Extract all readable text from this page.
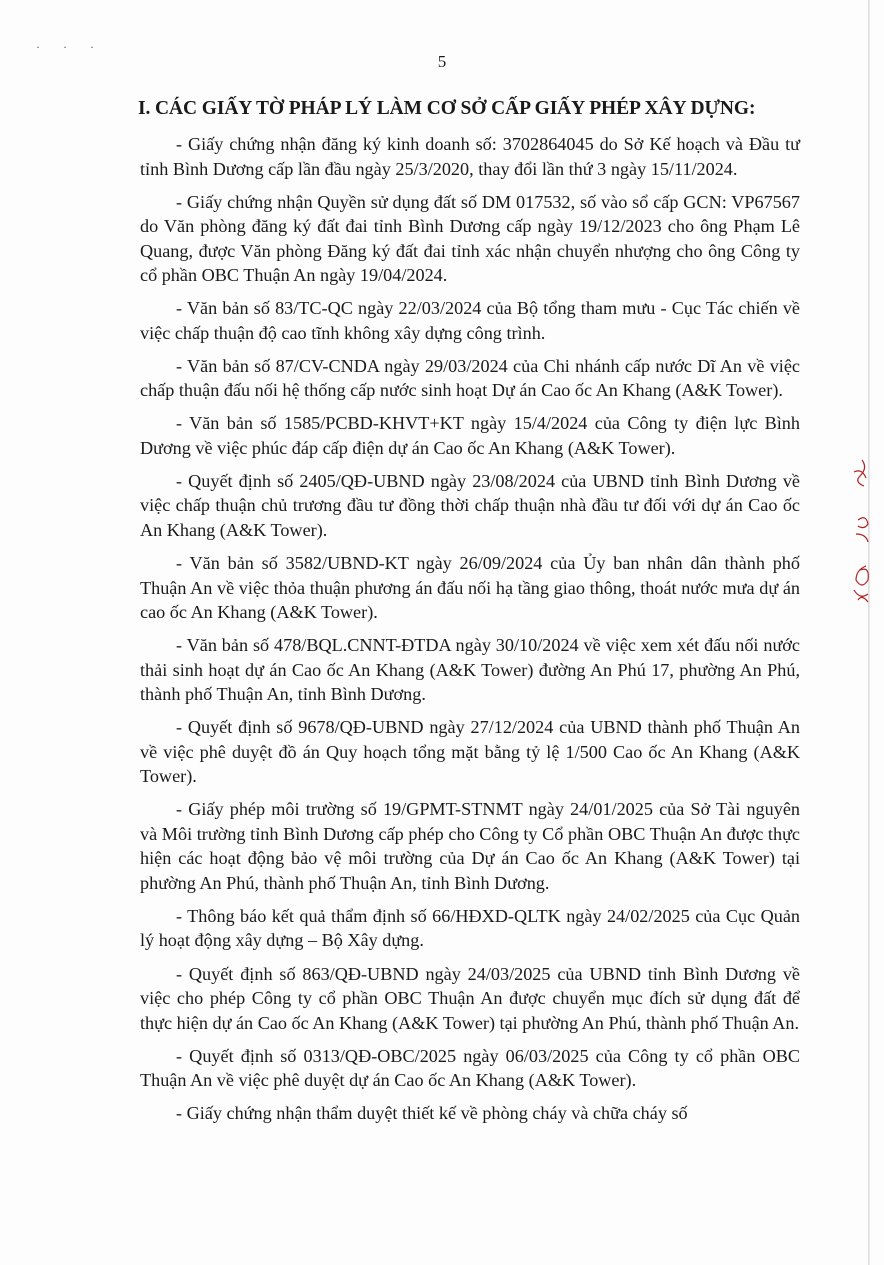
· · ·
5
I. CÁC GIẤY TỜ PHÁP LÝ LÀM CƠ SỞ CẤP GIẤY PHÉP XÂY DỰNG:

- Giấy chứng nhận đăng ký kinh doanh số: 3702864045 do Sở Kế hoạch và Đầu tư tỉnh Bình Dương cấp lần đầu ngày 25/3/2020, thay đổi lần thứ 3 ngày 15/11/2024.

- Giấy chứng nhận Quyền sử dụng đất số DM 017532, số vào sổ cấp GCN: VP67567 do Văn phòng đăng ký đất đai tỉnh Bình Dương cấp ngày 19/12/2023 cho ông Phạm Lê Quang, được Văn phòng Đăng ký đất đai tỉnh xác nhận chuyển nhượng cho ông Công ty cổ phần OBC Thuận An ngày 19/04/2024.

- Văn bản số 83/TC-QC ngày 22/03/2024 của Bộ tổng tham mưu - Cục Tác chiến về việc chấp thuận độ cao tĩnh không xây dựng công trình.

- Văn bản số 87/CV-CNDA ngày 29/03/2024 của Chi nhánh cấp nước Dĩ An về việc chấp thuận đấu nối hệ thống cấp nước sinh hoạt Dự án Cao ốc An Khang (A&K Tower).

- Văn bản số 1585/PCBD-KHVT+KT ngày 15/4/2024 của Công ty điện lực Bình Dương về việc phúc đáp cấp điện dự án Cao ốc An Khang (A&K Tower).

- Quyết định số 2405/QĐ-UBND ngày 23/08/2024 của UBND tỉnh Bình Dương về việc chấp thuận chủ trương đầu tư đồng thời chấp thuận nhà đầu tư đối với dự án Cao ốc An Khang (A&K Tower).

- Văn bản số 3582/UBND-KT ngày 26/09/2024 của Ủy ban nhân dân thành phố Thuận An về việc thỏa thuận phương án đấu nối hạ tầng giao thông, thoát nước mưa dự án cao ốc An Khang (A&K Tower).

- Văn bản số 478/BQL.CNNT-ĐTDA ngày 30/10/2024 về việc xem xét đấu nối nước thải sinh hoạt dự án Cao ốc An Khang (A&K Tower) đường An Phú 17, phường An Phú, thành phố Thuận An, tỉnh Bình Dương.

- Quyết định số 9678/QĐ-UBND ngày 27/12/2024 của UBND thành phố Thuận An về việc phê duyệt đồ án Quy hoạch tổng mặt bằng tỷ lệ 1/500 Cao ốc An Khang (A&K Tower).

- Giấy phép môi trường số 19/GPMT-STNMT ngày 24/01/2025 của Sở Tài nguyên và Môi trường tỉnh Bình Dương cấp phép cho Công ty Cổ phần OBC Thuận An được thực hiện các hoạt động bảo vệ môi trường của Dự án Cao ốc An Khang (A&K Tower) tại phường An Phú, thành phố Thuận An, tỉnh Bình Dương.

- Thông báo kết quả thẩm định số 66/HĐXD-QLTK ngày 24/02/2025 của Cục Quản lý hoạt động xây dựng – Bộ Xây dựng.

- Quyết định số 863/QĐ-UBND ngày 24/03/2025 của UBND tỉnh Bình Dương về việc cho phép Công ty cổ phần OBC Thuận An được chuyển mục đích sử dụng đất để thực hiện dự án Cao ốc An Khang (A&K Tower) tại phường An Phú, thành phố Thuận An.

- Quyết định số 0313/QĐ-OBC/2025 ngày 06/03/2025 của Công ty cổ phần OBC Thuận An về việc phê duyệt dự án Cao ốc An Khang (A&K Tower).

- Giấy chứng nhận thẩm duyệt thiết kế về phòng cháy và chữa cháy số
